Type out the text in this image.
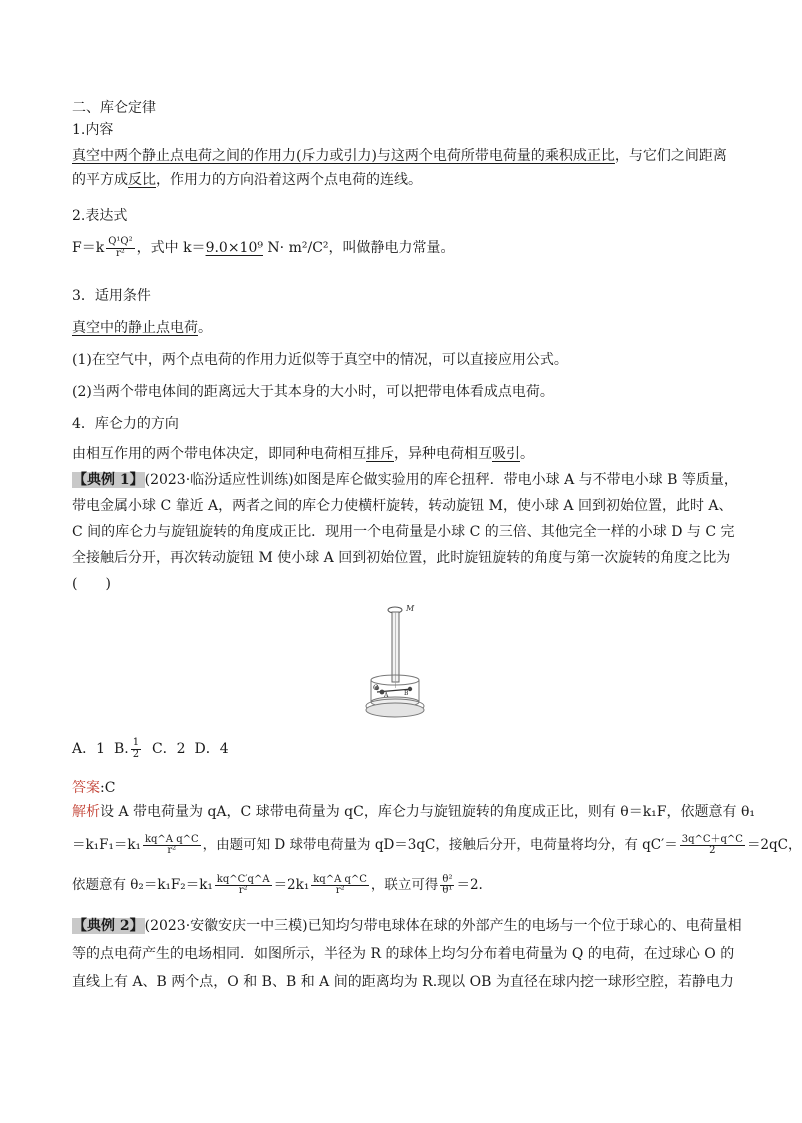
二、库仑定律
1.内容
真空中两个静止点电荷之间的作用力(斥力或引力)与这两个电荷所带电荷量的乘积成正比，与它们之间距离
的平方成反比，作用力的方向沿着这两个点电荷的连线。
2.表达式
$F=k \frac{\text{Q¹Q²}}{\text{r²}}$ ，式中 k＝9.0×10⁹ N· m²/C²，叫做静电力常量。
3．适用条件
真空中的静止点电荷。
(1)在空气中，两个点电荷的作用力近似等于真空中的情况，可以直接应用公式。
(2)当两个带电体间的距离远大于其本身的大小时，可以把带电体看成点电荷。
4．库仑力的方向
由相互作用的两个带电体决定，即同种电荷相互排斥，异种电荷相互吸引。
【典例 1】(2023·临汾适应性训练)如图是库仑做实验用的库仑扭秤．带电小球 A 与不带电小球 B 等质量，
带电金属小球 C 靠近 A，两者之间的库仑力使横杆旋转，转动旋钮 M，使小球 A 回到初始位置，此时 A、
C 间的库仑力与旋钮旋转的角度成正比．现用一个电荷量是小球 C 的三倍、其他完全一样的小球 D 与 C 完
全接触后分开，再次转动旋钮 M 使小球 A 回到初始位置，此时旋钮旋转的角度与第一次旋转的角度之比为
(　　)
A．1 B. $\frac{1}{2}$ C．2 D．4
答案:C
解析设 A 带电荷量为 qA，C 球带电荷量为 qC，库仑力与旋钮旋转的角度成正比，则有 θ＝k₁F，依题意有 θ₁
$=k_1F_1=k_1 \frac{\text{kq\textasciicircum{}A q\textasciicircum{}C}}{\text{r²}}$ ，由题可知 D 球带电荷量为 qD＝3qC，接触后分开，电荷量将均分，有 $qC'= \frac{3q\^{}C+q\^{}C}{2} =2qC$，
依题意有 $\theta_2=k_1F_2=k_1 \frac{kq\^{}C'q\^{}A}{\text{r²}} =2k_1 \frac{\text{kq\textasciicircum{}A q\textasciicircum{}C}}{\text{r²}}$ ，联立可得 $\frac{\text{θ²}}{\text{θ¹}} =2$.
【典例 2】(2023·安徽安庆一中三模)已知均匀带电球体在球的外部产生的电场与一个位于球心的、电荷量相
等的点电荷产生的电场相同．如图所示，半径为 R 的球体上均匀分布着电荷量为 Q 的电荷，在过球心 O 的
直线上有 A、B 两个点，O 和 B、B 和 A 间的距离均为 R.现以 OB 为直径在球内挖一球形空腔，若静电力
M
C
A	B
